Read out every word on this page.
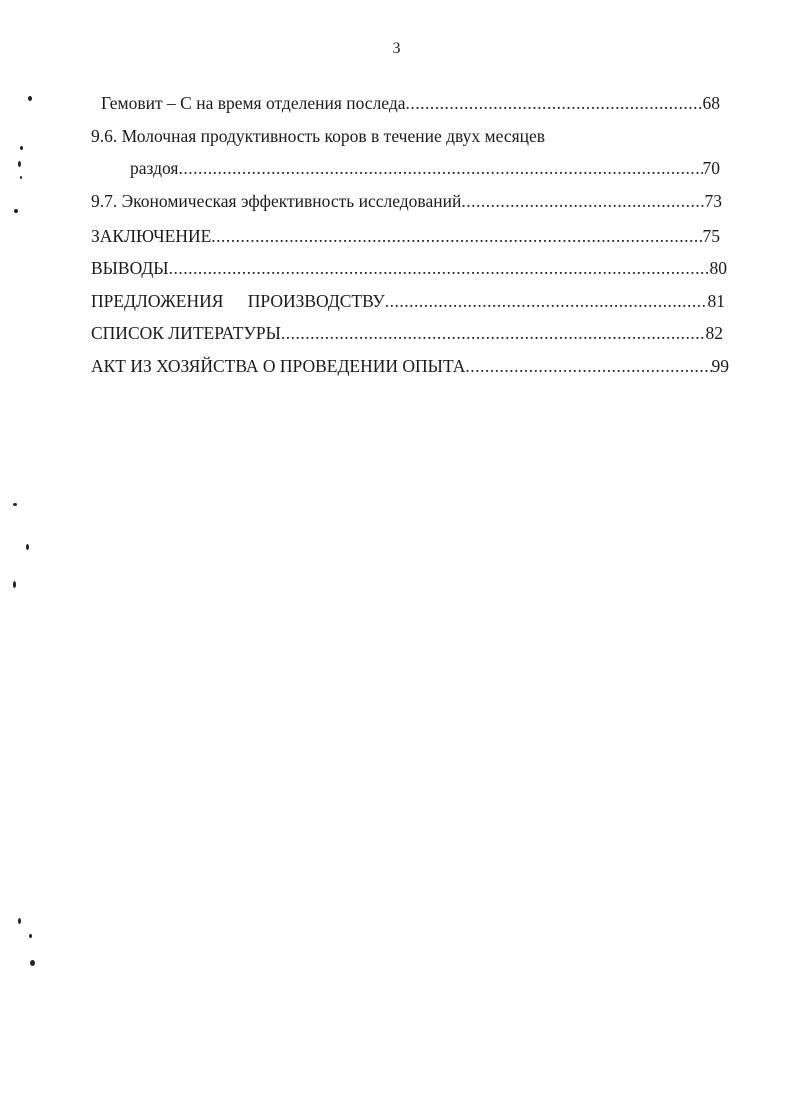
3
Гемовит – С на время отделения последа .....	68
9.6. Молочная продуктивность коров в течение двух месяцев
раздоя .....	70
9.7. Экономическая эффективность исследований .....	73
ЗАКЛЮЧЕНИЕ .....	75
ВЫВОДЫ .....	80
ПРЕДЛОЖЕНИЯ ПРОИЗВОДСТВУ .....	81
СПИСОК ЛИТЕРАТУРЫ .....	82
АКТ ИЗ ХОЗЯЙСТВА О ПРОВЕДЕНИИ ОПЫТА .....	99
